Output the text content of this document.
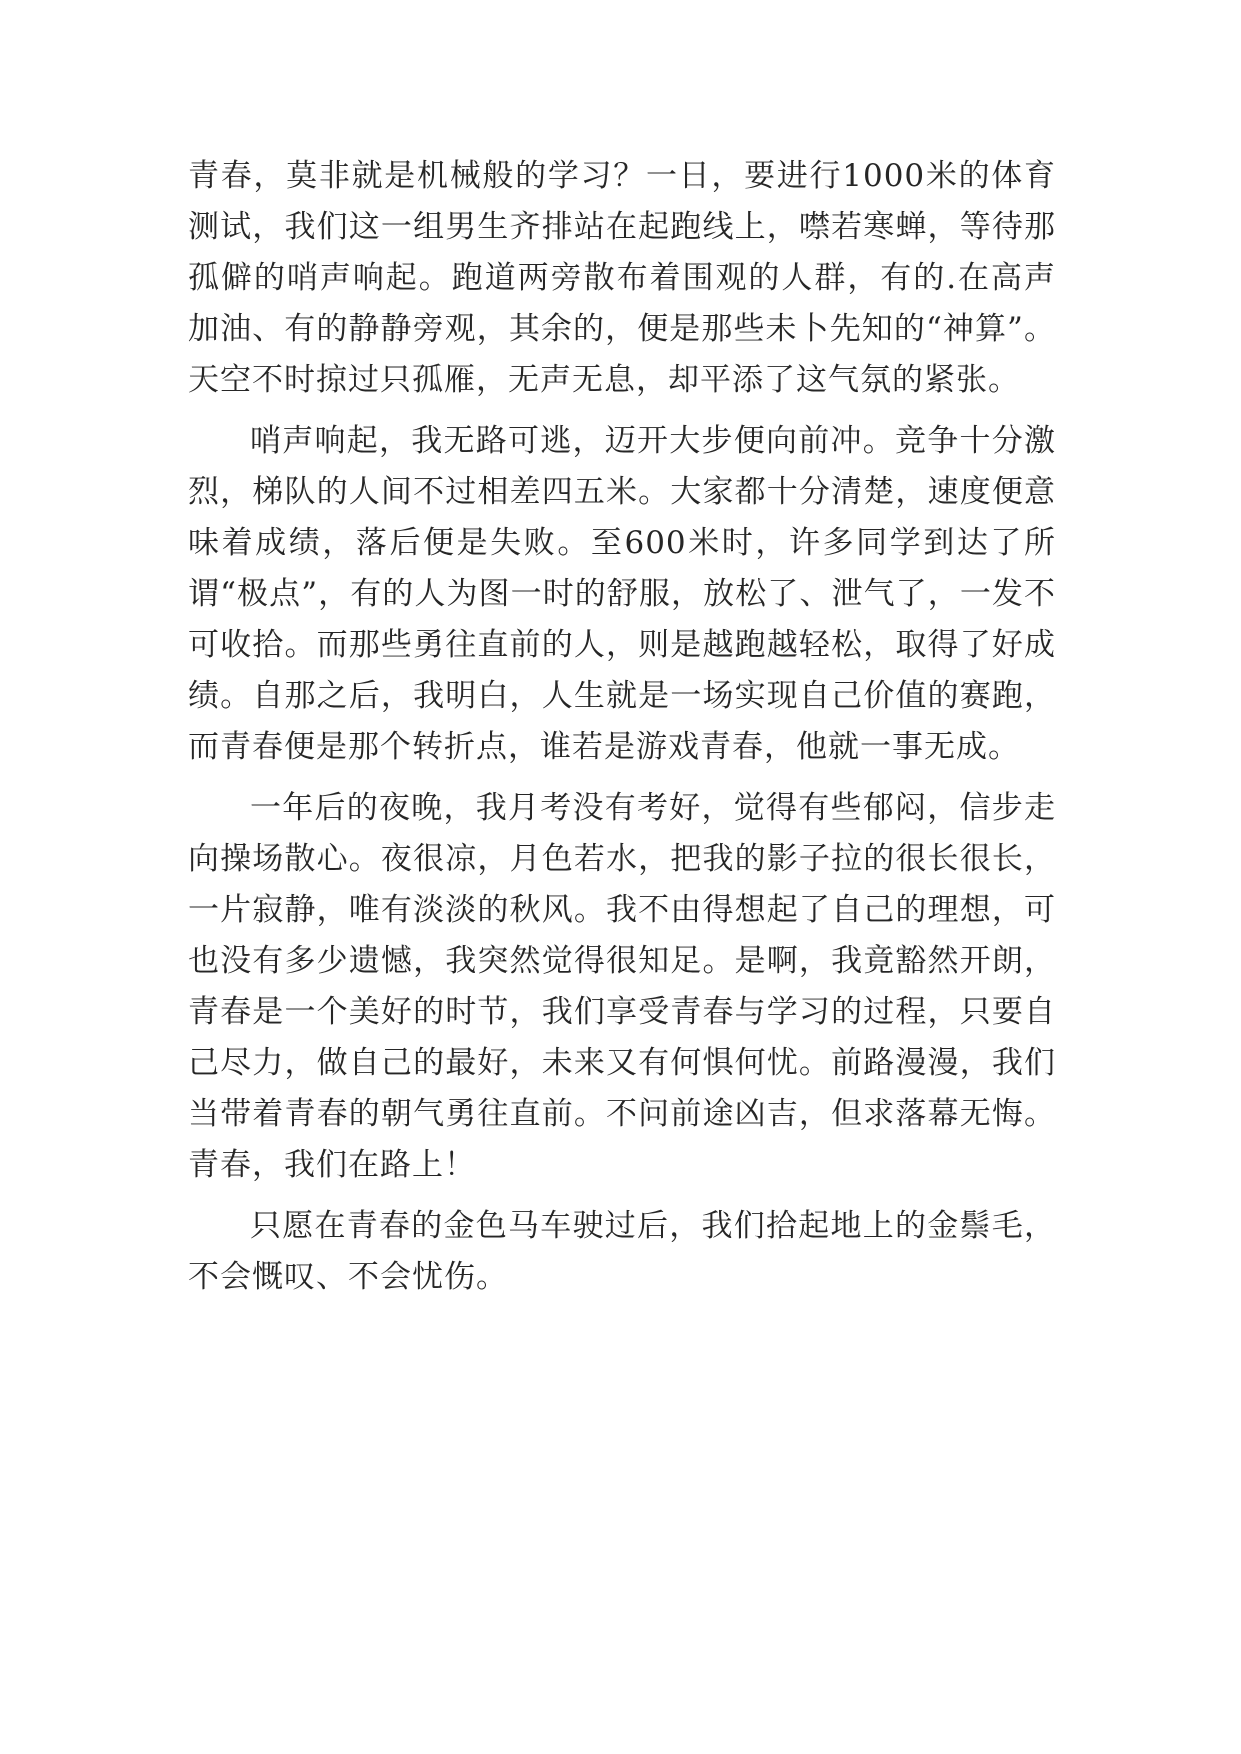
青春，莫非就是机械般的学习？一日，要进行1000米的体育测试，我们这一组男生齐排站在起跑线上，噤若寒蝉，等待那孤僻的哨声响起。跑道两旁散布着围观的人群，有的.在高声加油、有的静静旁观，其余的，便是那些未卜先知的“神算”。天空不时掠过只孤雁，无声无息，却平添了这气氛的紧张。

哨声响起，我无路可逃，迈开大步便向前冲。竞争十分激烈，梯队的人间不过相差四五米。大家都十分清楚，速度便意味着成绩，落后便是失败。至600米时，许多同学到达了所谓“极点”，有的人为图一时的舒服，放松了、泄气了，一发不可收拾。而那些勇往直前的人，则是越跑越轻松，取得了好成绩。自那之后，我明白，人生就是一场实现自己价值的赛跑，而青春便是那个转折点，谁若是游戏青春，他就一事无成。

一年后的夜晚，我月考没有考好，觉得有些郁闷，信步走向操场散心。夜很凉，月色若水，把我的影子拉的很长很长，一片寂静，唯有淡淡的秋风。我不由得想起了自己的理想，可也没有多少遗憾，我突然觉得很知足。是啊，我竟豁然开朗，青春是一个美好的时节，我们享受青春与学习的过程，只要自己尽力，做自己的最好，未来又有何惧何忧。前路漫漫，我们当带着青春的朝气勇往直前。不问前途凶吉，但求落幕无悔。青春，我们在路上！

只愿在青春的金色马车驶过后，我们拾起地上的金鬃毛，不会慨叹、不会忧伤。
